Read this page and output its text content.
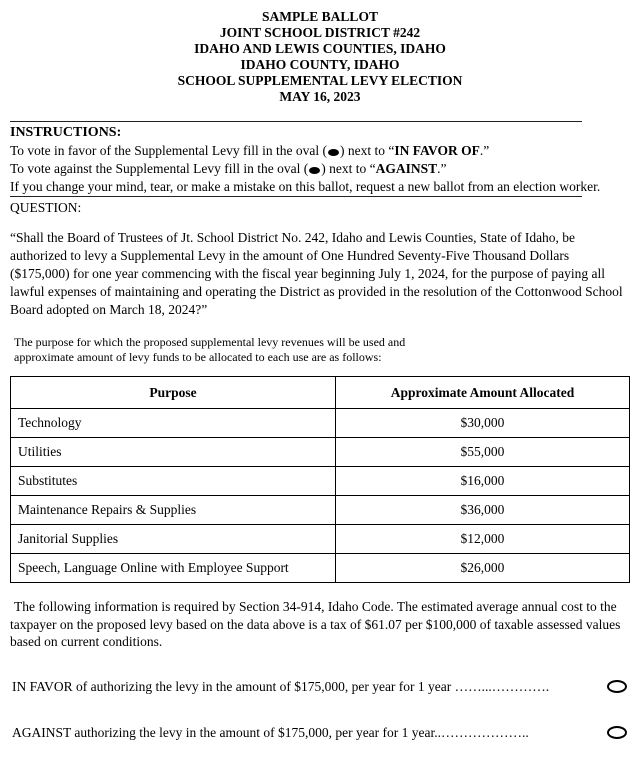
SAMPLE BALLOT
JOINT SCHOOL DISTRICT #242
IDAHO AND LEWIS COUNTIES, IDAHO
IDAHO COUNTY, IDAHO
SCHOOL SUPPLEMENTAL LEVY ELECTION
MAY 16, 2023
INSTRUCTIONS:
To vote in favor of the Supplemental Levy fill in the oval ( ) next to “IN FAVOR OF.”
To vote against the Supplemental Levy fill in the oval ( ) next to “AGAINST.”
If you change your mind, tear, or make a mistake on this ballot, request a new ballot from an election worker.
QUESTION:

“Shall the Board of Trustees of Jt. School District No. 242, Idaho and Lewis Counties, State of Idaho, be authorized to levy a Supplemental Levy in the amount of One Hundred Seventy-Five Thousand Dollars ($175,000) for one year commencing with the fiscal year beginning July 1, 2024, for the purpose of paying all lawful expenses of maintaining and operating the District as provided in the resolution of the Cottonwood School Board adopted on March 18, 2024?”

The purpose for which the proposed supplemental levy revenues will be used and
approximate amount of levy funds to be allocated to each use are as follows:
Purpose	Approximate Amount Allocated
Technology	$30,000
Utilities	$55,000
Substitutes	$16,000
Maintenance Repairs & Supplies	$36,000
Janitorial Supplies	$12,000
Speech, Language Online with Employee Support	$26,000

The following information is required by Section 34-914, Idaho Code. The estimated average annual cost to the taxpayer on the proposed levy based on the data above is a tax of $61.07 per $100,000 of taxable assessed values based on current conditions.

IN FAVOR of authorizing the levy in the amount of $175,000, per year for 1 year ……...………….
AGAINST authorizing the levy in the amount of $175,000, per year for 1 year..………………..
